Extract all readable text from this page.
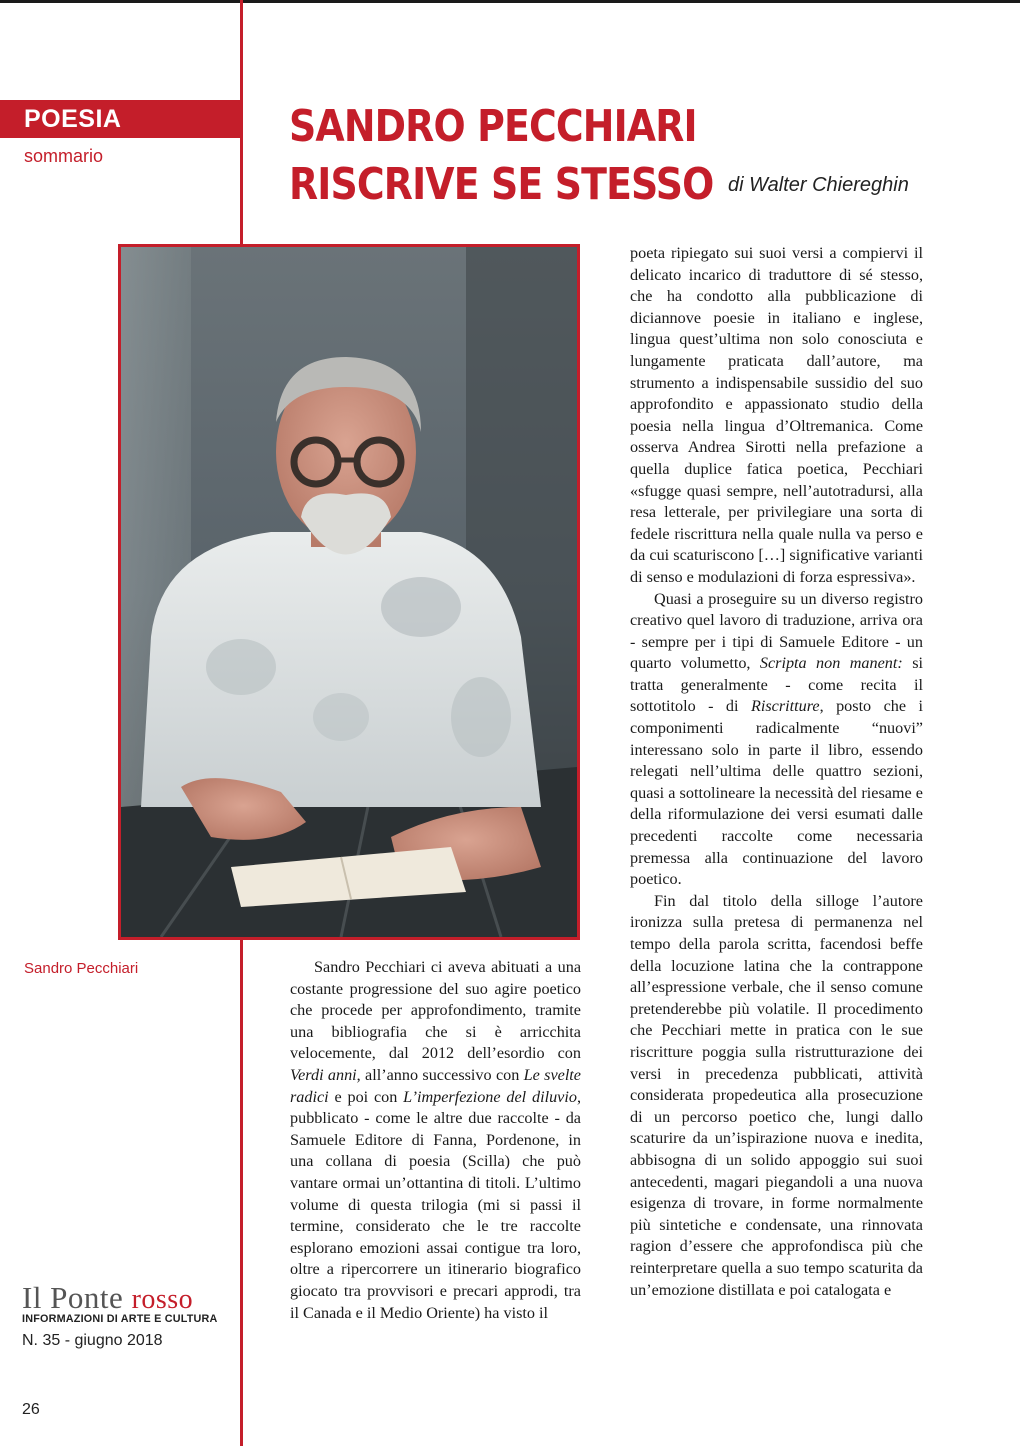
POESIA
sommario
SANDRO PECCHIARI
RISCRIVE SE STESSO di Walter Chiereghin
Sandro Pecchiari	Sandro Pecchiari ci aveva abituati a una costante progressione del suo agire poetico che procede per approfondimento, tramite una bibliografia che si è arricchita velocemente, dal 2012 dell’esordio con Verdi anni, all’anno successivo con Le svelte radici e poi con L’imperfezione del diluvio, pubblicato - come le altre due raccolte - da Samuele Editore di Fanna, Pordenone, in una collana di poesia (Scilla) che può vantare ormai un’ottantina di titoli. L’ultimo volume di questa trilogia (mi si passi il termine, considerato che le tre raccolte esplorano emozioni assai contigue tra loro, oltre a ripercorrere un itinerario biografico giocato tra provvisori e precari approdi, tra il Canada e il Medio Oriente) ha visto il

poeta ripiegato sui suoi versi a compiervi il delicato incarico di traduttore di sé stesso, che ha condotto alla pubblicazione di diciannove poesie in italiano e inglese, lingua quest’ultima non solo conosciuta e lungamente praticata dall’autore, ma strumento a indispensabile sussidio del suo approfondito e appassionato studio della poesia nella lingua d’Oltremanica. Come osserva Andrea Sirotti nella prefazione a quella duplice fatica poetica, Pecchiari «sfugge quasi sempre, nell’autotradursi, alla resa letterale, per privilegiare una sorta di fedele riscrittura nella quale nulla va perso e da cui scaturiscono […] significative varianti di senso e modulazioni di forza espressiva».

Quasi a proseguire su un diverso registro creativo quel lavoro di traduzione, arriva ora - sempre per i tipi di Samuele Editore - un quarto volumetto, Scripta non manent: si tratta generalmente - come recita il sottotitolo - di Riscritture, posto che i componimenti radicalmente “nuovi” interessano solo in parte il libro, essendo relegati nell’ultima delle quattro sezioni, quasi a sottolineare la necessità del riesame e della riformulazione dei versi esumati dalle precedenti raccolte come necessaria premessa alla continuazione del lavoro poetico.

Fin dal titolo della silloge l’autore ironizza sulla pretesa di permanenza nel tempo della parola scritta, facendosi beffe della locuzione latina che la contrappone all’espressione verbale, che il senso comune pretenderebbe più volatile. Il procedimento che Pecchiari mette in pratica con le sue riscritture poggia sulla ristrutturazione dei versi in precedenza pubblicati, attività considerata propedeutica alla prosecuzione di un percorso poetico che, lungi dallo scaturire da un’ispirazione nuova e inedita, abbisogna di un solido appoggio sui suoi antecedenti, magari piegandoli a una nuova esigenza di trovare, in forme normalmente più sintetiche e condensate, una rinnovata ragion d’essere che approfondisca più che reinterpretare quella a suo tempo scaturita da un’emozione distillata e poi catalogata e

Il Ponte rosso
INFORMAZIONI DI ARTE E CULTURA
N. 35 - giugno 2018
26
